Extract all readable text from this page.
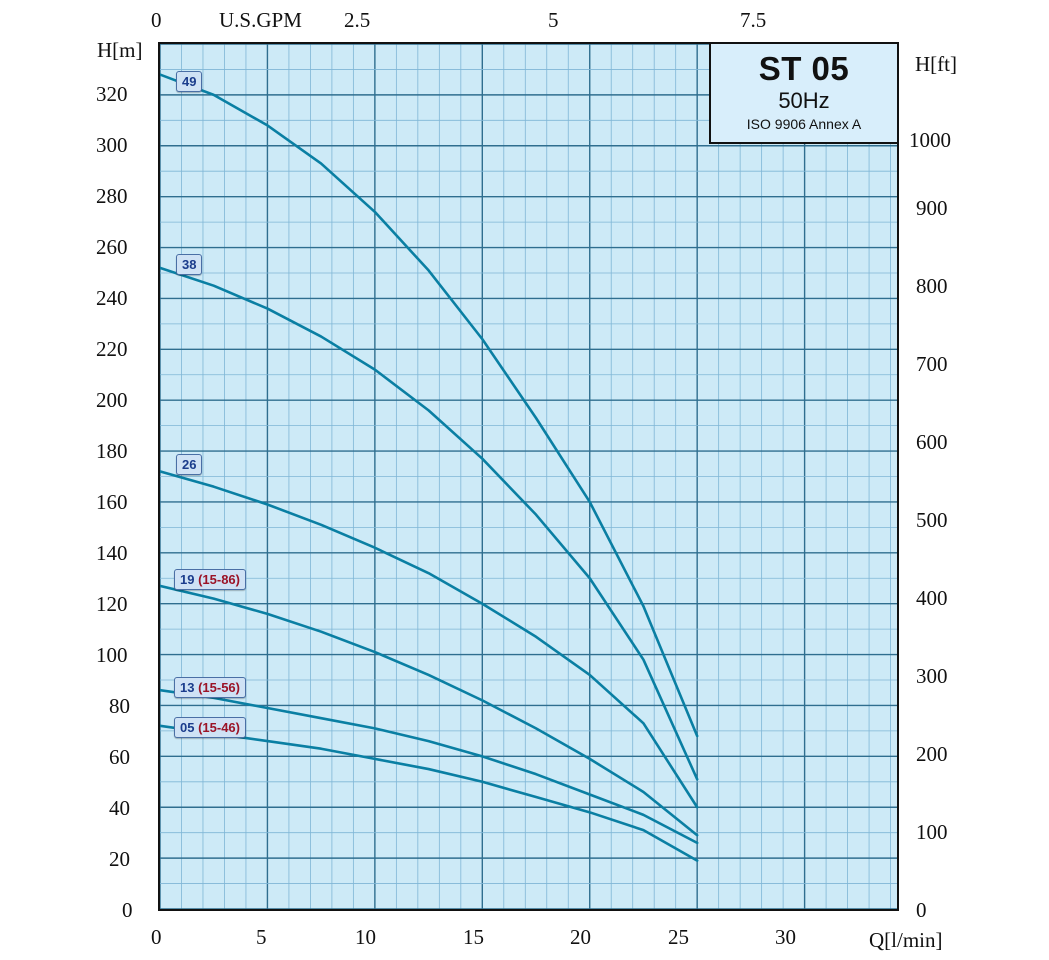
U.S.GPM
0	2.5	5	7.5
H[m]
H[ft]
Q[l/min]
0
20
40
60
80
100
120
140
160
180
200
220
240
260
280
300
320
0
100
200
300
400
500
600
700
800
900
1000
0	5	10	15	20	25	30
ST 05
50Hz
ISO 9906 Annex A
49
38
26
19 (15-86)
13 (15-56)
05 (15-46)
